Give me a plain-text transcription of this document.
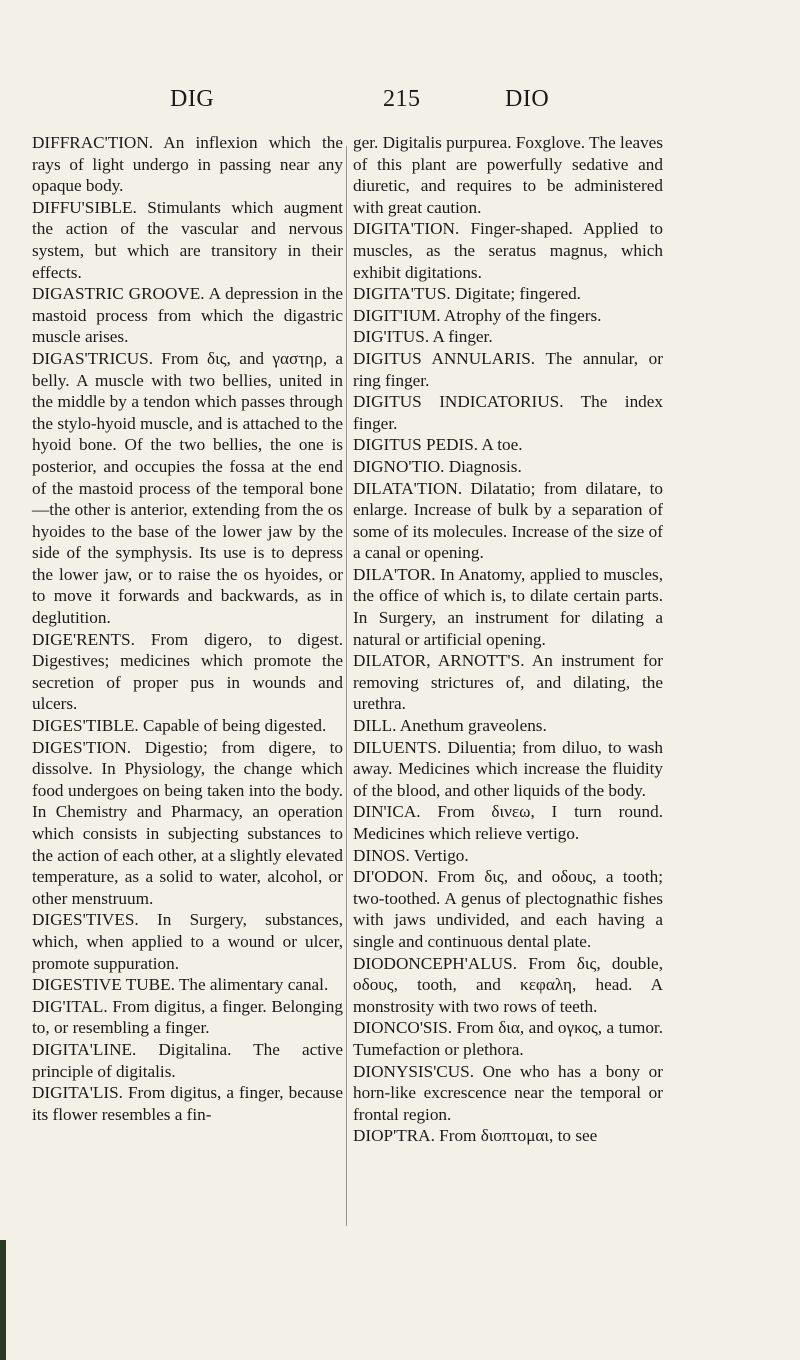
DIG	215	DIO

DIFFRAC'TION. An inflexion which the rays of light undergo in passing near any opaque body.

DIFFU'SIBLE. Stimulants which augment the action of the vascular and nervous system, but which are transitory in their effects.

DIGASTRIC GROOVE. A depression in the mastoid process from which the digastric muscle arises.

DIGAS'TRICUS. From δις, and γαστηρ, a belly. A muscle with two bellies, united in the middle by a tendon which passes through the stylo-hyoid muscle, and is attached to the hyoid bone. Of the two bellies, the one is posterior, and occupies the fossa at the end of the mastoid process of the temporal bone—the other is anterior, extending from the os hyoides to the base of the lower jaw by the side of the symphysis. Its use is to depress the lower jaw, or to raise the os hyoides, or to move it forwards and backwards, as in deglutition.

DIGE'RENTS. From digero, to digest. Digestives; medicines which promote the secretion of proper pus in wounds and ulcers.

DIGES'TIBLE. Capable of being digested.

DIGES'TION. Digestio; from digere, to dissolve. In Physiology, the change which food undergoes on being taken into the body. In Chemistry and Pharmacy, an operation which consists in subjecting substances to the action of each other, at a slightly elevated temperature, as a solid to water, alcohol, or other menstruum.

DIGES'TIVES. In Surgery, substances, which, when applied to a wound or ulcer, promote suppuration.

DIGESTIVE TUBE. The alimentary canal.

DIG'ITAL. From digitus, a finger. Belonging to, or resembling a finger.

DIGITA'LINE. Digitalina. The active principle of digitalis.

DIGITA'LIS. From digitus, a finger, because its flower resembles a fin-

ger. Digitalis purpurea. Foxglove. The leaves of this plant are powerfully sedative and diuretic, and requires to be administered with great caution.

DIGITA'TION. Finger-shaped. Applied to muscles, as the seratus magnus, which exhibit digitations.

DIGITA'TUS. Digitate; fingered.

DIGIT'IUM. Atrophy of the fingers.

DIG'ITUS. A finger.

DIGITUS ANNULARIS. The annular, or ring finger.

DIGITUS INDICATORIUS. The index finger.

DIGITUS PEDIS. A toe.

DIGNO'TIO. Diagnosis.

DILATA'TION. Dilatatio; from dilatare, to enlarge. Increase of bulk by a separation of some of its molecules. Increase of the size of a canal or opening.

DILA'TOR. In Anatomy, applied to muscles, the office of which is, to dilate certain parts. In Surgery, an instrument for dilating a natural or artificial opening.

DILATOR, ARNOTT'S. An instrument for removing strictures of, and dilating, the urethra.

DILL. Anethum graveolens.

DILUENTS. Diluentia; from diluo, to wash away. Medicines which increase the fluidity of the blood, and other liquids of the body.

DIN'ICA. From δινεω, I turn round. Medicines which relieve vertigo.

DINOS. Vertigo.

DI'ODON. From δις, and οδους, a tooth; two-toothed. A genus of plectognathic fishes with jaws undivided, and each having a single and continuous dental plate.

DIODONCEPH'ALUS. From δις, double, οδους, tooth, and κεφαλη, head. A monstrosity with two rows of teeth.

DIONCO'SIS. From δια, and ογκος, a tumor. Tumefaction or plethora.

DIONYSIS'CUS. One who has a bony or horn-like excrescence near the temporal or frontal region.

DIOP'TRA. From διοπτομαι, to see
